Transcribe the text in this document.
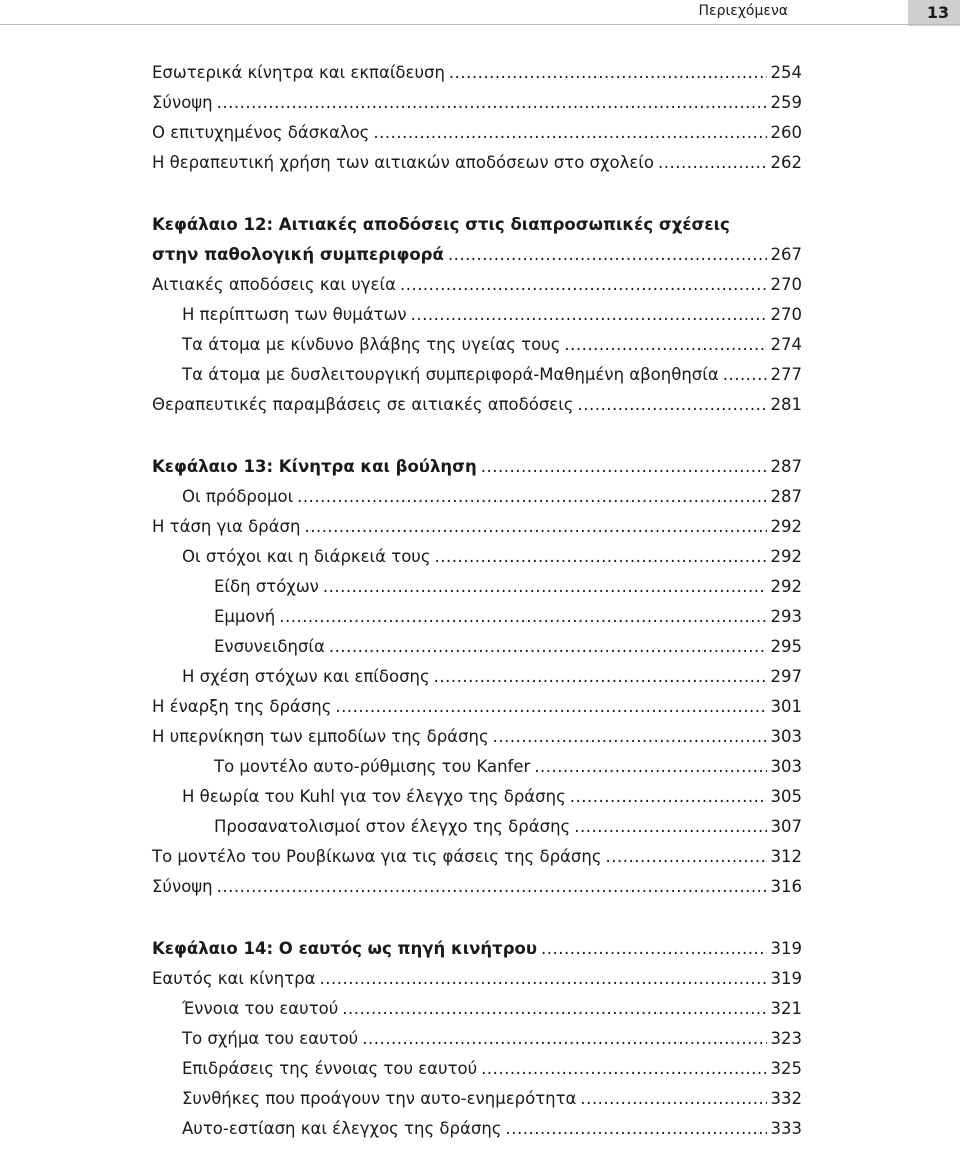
Περιεχόμενα	13
Εσωτερικά κίνητρα και εκπαίδευση .....	254
Σύνοψη .....	259
Ο επιτυχημένος δάσκαλος .....	260
Η θεραπευτική χρήση των αιτιακών αποδόσεων στο σχολείο .....	262
Κεφάλαιο 12: Αιτιακές αποδόσεις στις διαπροσωπικές σχέσεις
στην παθολογική συμπεριφορά .....	267
Αιτιακές αποδόσεις και υγεία .....	270
Η περίπτωση των θυμάτων .....	270
Τα άτομα με κίνδυνο βλάβης της υγείας τους .....	274
Τα άτομα με δυσλειτουργική συμπεριφορά-Μαθημένη αβοηθησία .....	277
Θεραπευτικές παραμβάσεις σε αιτιακές αποδόσεις .....	281
Κεφάλαιο 13: Κίνητρα και βούληση .....	287
Οι πρόδρομοι .....	287
Η τάση για δράση .....	292
Οι στόχοι και η διάρκειά τους .....	292
Είδη στόχων .....	292
Εμμονή .....	293
Ενσυνειδησία .....	295
Η σχέση στόχων και επίδοσης .....	297
Η έναρξη της δράσης .....	301
Η υπερνίκηση των εμποδίων της δράσης .....	303
Το μοντέλο αυτο-ρύθμισης του Kanfer .....	303
Η θεωρία του Kuhl για τον έλεγχο της δράσης .....	305
Προσανατολισμοί στον έλεγχο της δράσης .....	307
Το μοντέλο του Ρουβίκωνα για τις φάσεις της δράσης .....	312
Σύνοψη .....	316
Κεφάλαιο 14: Ο εαυτός ως πηγή κινήτρου .....	319
Εαυτός και κίνητρα .....	319
Έννοια του εαυτού .....	321
Το σχήμα του εαυτού .....	323
Επιδράσεις της έννοιας του εαυτού .....	325
Συνθήκες που προάγουν την αυτο-ενημερότητα .....	332
Αυτο-εστίαση και έλεγχος της δράσης .....	333
